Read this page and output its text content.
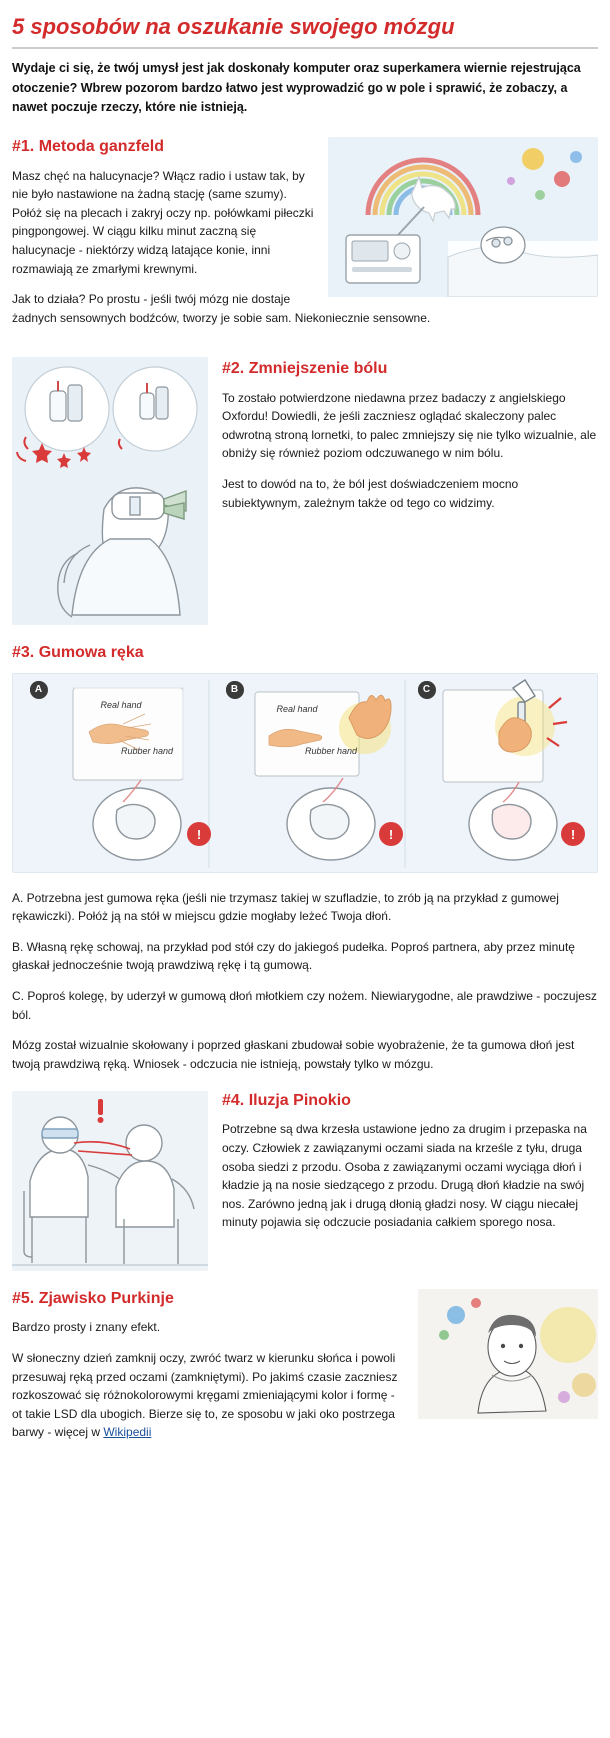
5 sposobów na oszukanie swojego mózgu

Wydaje ci się, że twój umysł jest jak doskonały komputer oraz superkamera wiernie rejestrująca otoczenie? Wbrew pozorom bardzo łatwo jest wyprowadzić go w pole i sprawić, że zobaczy, a nawet poczuje rzeczy, które nie istnieją.

#1. Metoda ganzfeld

Masz chęć na halucynacje? Włącz radio i ustaw tak, by nie było nastawione na żadną stację (same szumy). Połóż się na plecach i zakryj oczy np. połówkami piłeczki pingpongowej. W ciągu kilku minut zaczną się halucynacje - niektórzy widzą latające konie, inni rozmawiają ze zmarłymi krewnymi.

Jak to działa? Po prostu - jeśli twój mózg nie dostaje żadnych sensownych bodźców, tworzy je sobie sam. Niekoniecznie sensowne.

#2. Zmniejszenie bólu

To zostało potwierdzone niedawna przez badaczy z angielskiego Oxfordu! Dowiedli, że jeśli zaczniesz oglądać skaleczony palec odwrotną stroną lornetki, to palec zmniejszy się nie tylko wizualnie, ale obniży się również poziom odczuwanego w nim bólu.

Jest to dowód na to, że ból jest doświadczeniem mocno subiektywnym, zależnym także od tego co widzimy.

#3. Gumowa ręka
!	!	!
A	B	C
Real hand
Rubber hand
Real hand
Rubber hand

A. Potrzebna jest gumowa ręka (jeśli nie trzymasz takiej w szufladzie, to zrób ją na przykład z gumowej rękawiczki). Połóż ją na stół w miejscu gdzie mogłaby leżeć Twoja dłoń.

B. Własną rękę schowaj, na przykład pod stół czy do jakiegoś pudełka. Poproś partnera, aby przez minutę głaskał jednocześnie twoją prawdziwą rękę i tą gumową.

C. Poproś kolegę, by uderzył w gumową dłoń młotkiem czy nożem. Niewiarygodne, ale prawdziwe - poczujesz ból.

Mózg został wizualnie skołowany i poprzed głaskani zbudował sobie wyobrażenie, że ta gumowa dłoń jest twoją prawdziwą ręką. Wniosek - odczucia nie istnieją, powstały tylko w mózgu.

#4. Iluzja Pinokio

Potrzebne są dwa krzesła ustawione jedno za drugim i przepaska na oczy. Człowiek z zawiązanymi oczami siada na krześle z tyłu, druga osoba siedzi z przodu. Osoba z zawiązanymi oczami wyciąga dłoń i kładzie ją na nosie siedzącego z przodu. Drugą dłoń kładzie na swój nos. Zarówno jedną jak i drugą dłonią gładzi nosy. W ciągu niecałej minuty pojawia się odczucie posiadania całkiem sporego nosa.

#5. Zjawisko Purkinje

Bardzo prosty i znany efekt.

W słoneczny dzień zamknij oczy, zwróć twarz w kierunku słońca i powoli przesuwaj ręką przed oczami (zamkniętymi). Po jakimś czasie zaczniesz rozkoszować się różnokolorowymi kręgami zmieniającymi kolor i formę -ot takie LSD dla ubogich. Bierze się to, ze sposobu w jaki oko postrzega barwy - więcej w Wikipedii
